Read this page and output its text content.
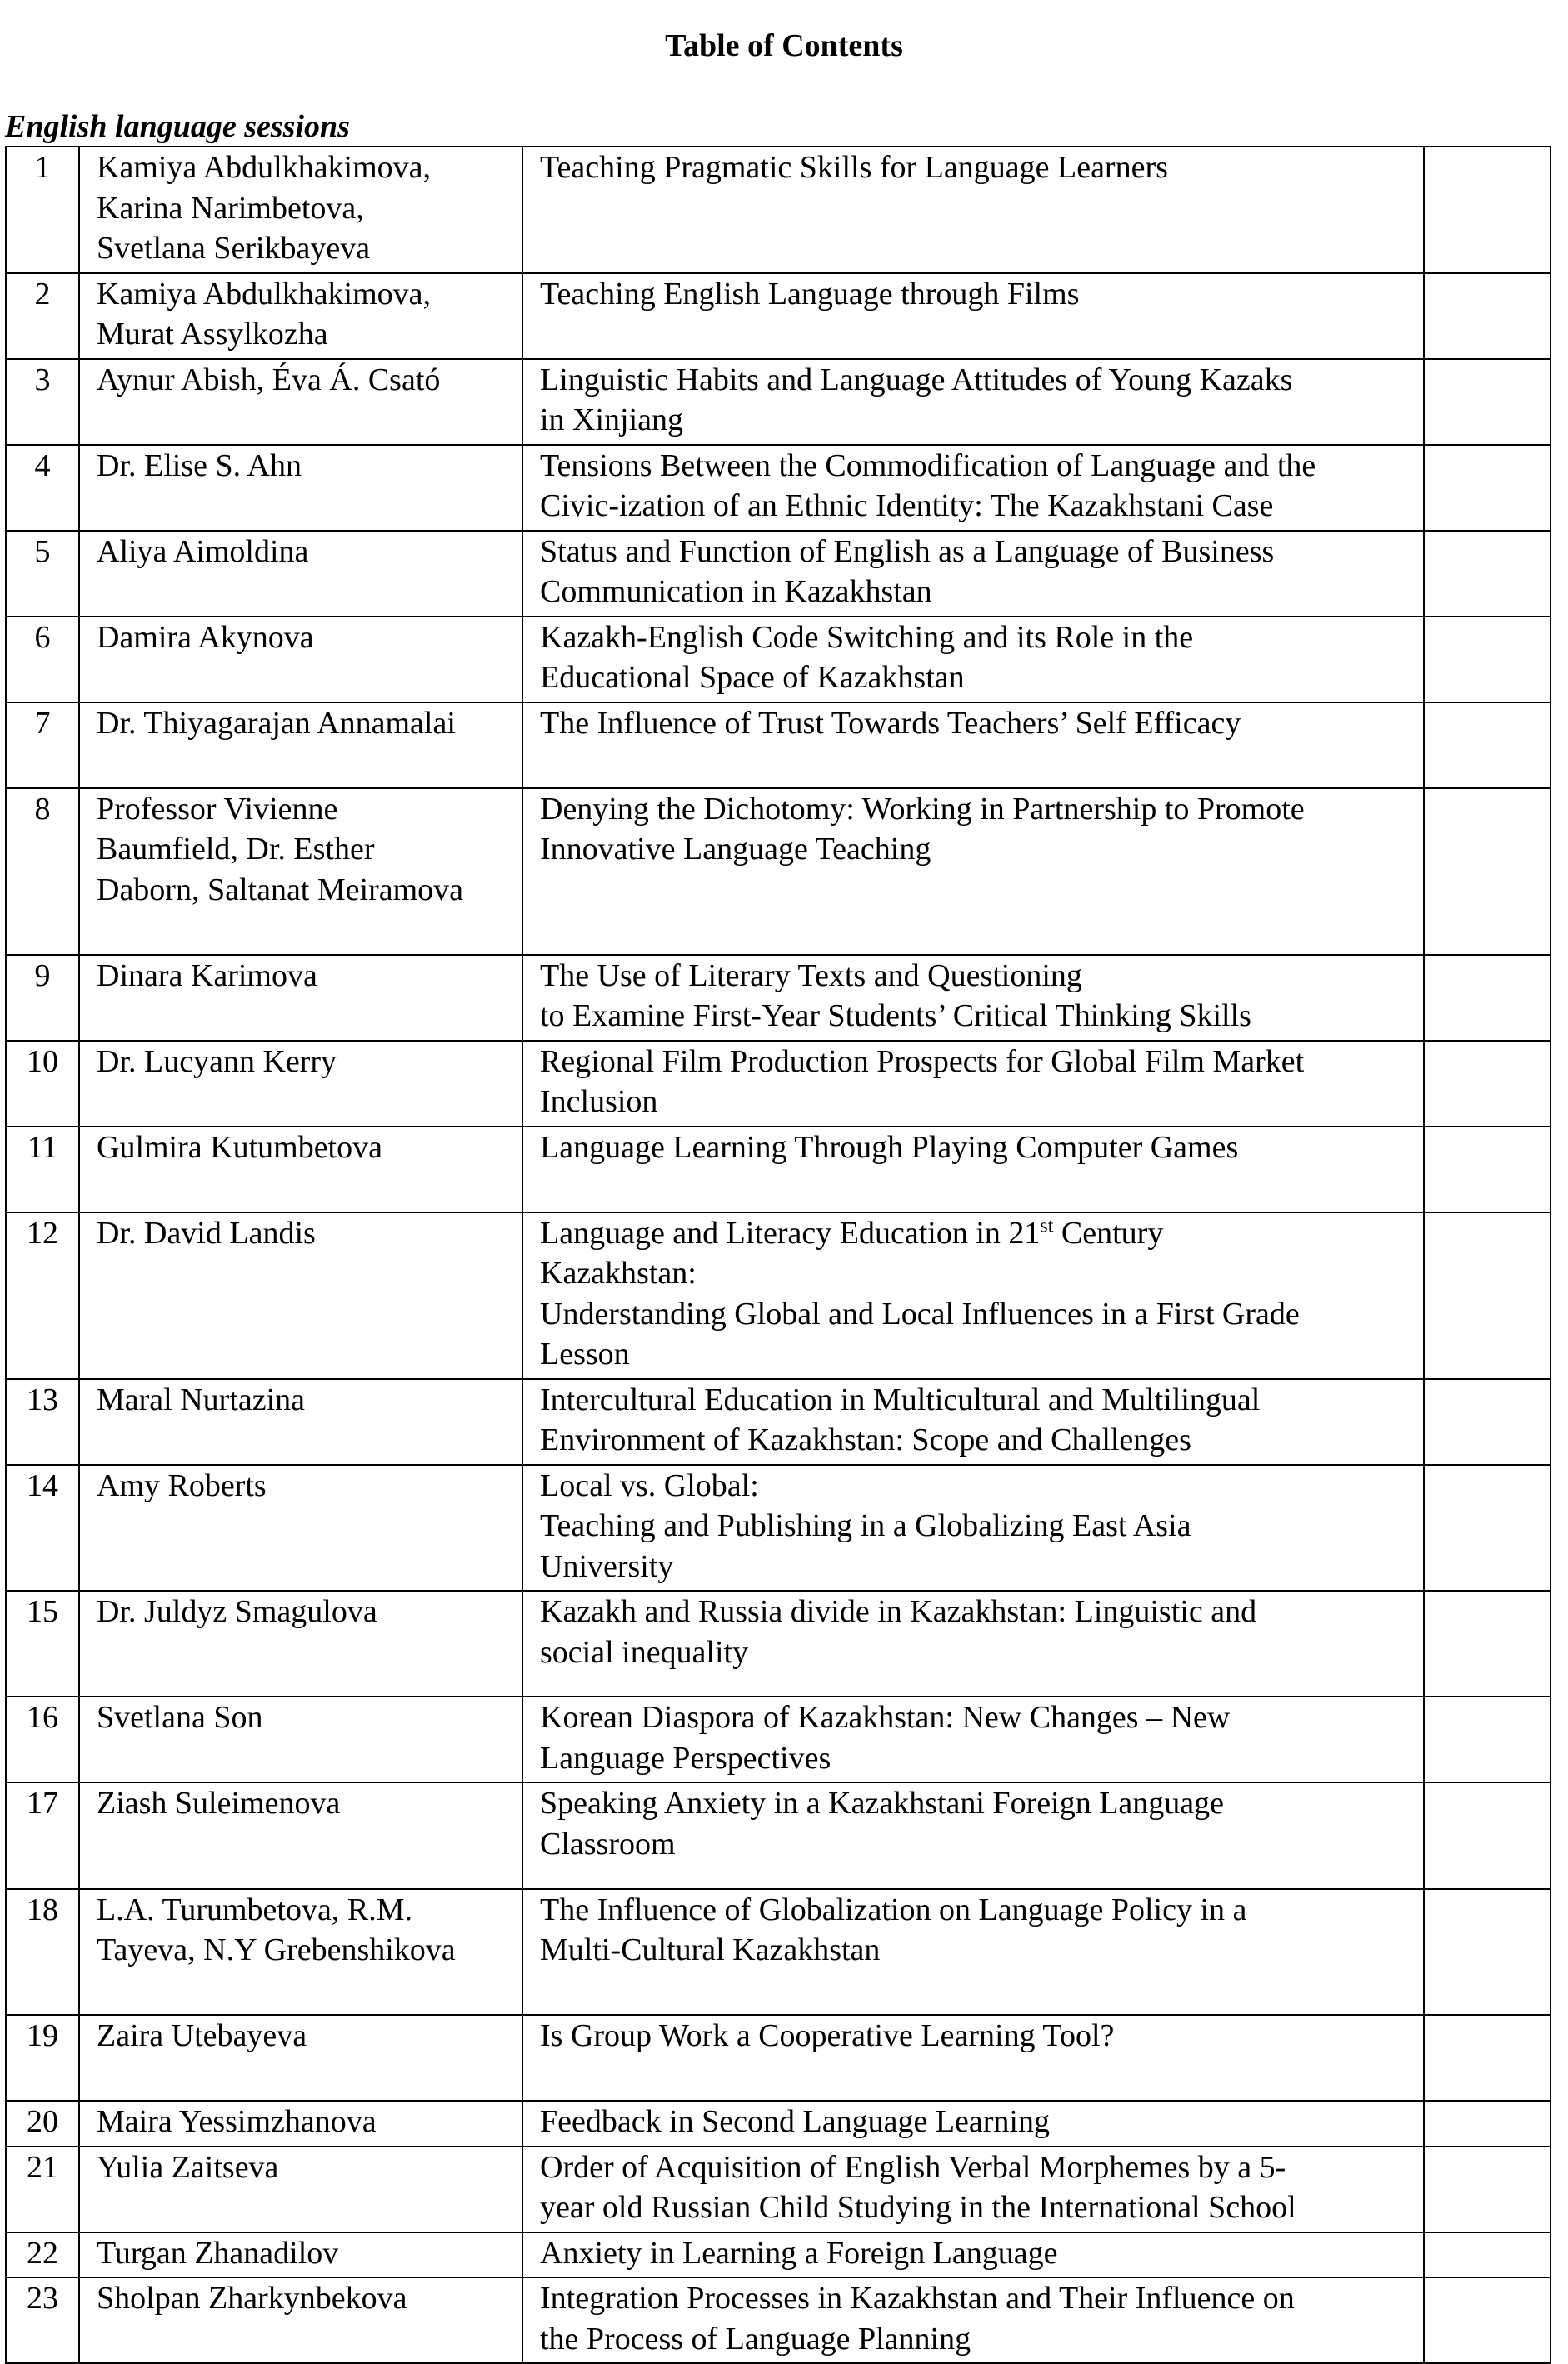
Table of Contents
English language sessions
1	Kamiya Abdulkhakimova,
Karina Narimbetova,
Svetlana Serikbayeva	Teaching Pragmatic Skills for Language Learners	
2	Kamiya Abdulkhakimova,
Murat Assylkozha	Teaching English Language through Films	
3	Aynur Abish, Éva Á. Csató	Linguistic Habits and Language Attitudes of Young Kazaks
in Xinjiang	
4	Dr. Elise S. Ahn	Tensions Between the Commodification of Language and the
Civic-ization of an Ethnic Identity: The Kazakhstani Case	
5	Aliya Aimoldina	Status and Function of English as a Language of Business
Communication in Kazakhstan	
6	Damira Akynova	Kazakh-English Code Switching and its Role in the
Educational Space of Kazakhstan	
7	Dr. Thiyagarajan Annamalai	The Influence of Trust Towards Teachers’ Self Efficacy	
8	Professor Vivienne
Baumfield, Dr. Esther
Daborn, Saltanat Meiramova	Denying the Dichotomy: Working in Partnership to Promote
Innovative Language Teaching	
9	Dinara Karimova	The Use of Literary Texts and Questioning
to Examine First-Year Students’ Critical Thinking Skills	
10	Dr. Lucyann Kerry	Regional Film Production Prospects for Global Film Market
Inclusion	
11	Gulmira Kutumbetova	Language Learning Through Playing Computer Games	
12	Dr. David Landis	Language and Literacy Education in 21st Century
Kazakhstan:
Understanding Global and Local Influences in a First Grade
Lesson	
13	Maral Nurtazina	Intercultural Education in Multicultural and Multilingual
Environment of Kazakhstan: Scope and Challenges	
14	Amy Roberts	Local vs. Global:
Teaching and Publishing in a Globalizing East Asia
University	
15	Dr. Juldyz Smagulova	Kazakh and Russia divide in Kazakhstan: Linguistic and
social inequality	
16	Svetlana Son	Korean Diaspora of Kazakhstan: New Changes – New
Language Perspectives	
17	Ziash Suleimenova	Speaking Anxiety in a Kazakhstani Foreign Language
Classroom	
18	L.A. Turumbetova, R.M.
Tayeva, N.Y Grebenshikova	The Influence of Globalization on Language Policy in a
Multi-Cultural Kazakhstan	
19	Zaira Utebayeva	Is Group Work a Cooperative Learning Tool?	
20	Maira Yessimzhanova	Feedback in Second Language Learning	
21	Yulia Zaitseva	Order of Acquisition of English Verbal Morphemes by a 5-
year old Russian Child Studying in the International School	
22	Turgan Zhanadilov	Anxiety in Learning a Foreign Language	
23	Sholpan Zharkynbekova	Integration Processes in Kazakhstan and Their Influence on
the Process of Language Planning	
